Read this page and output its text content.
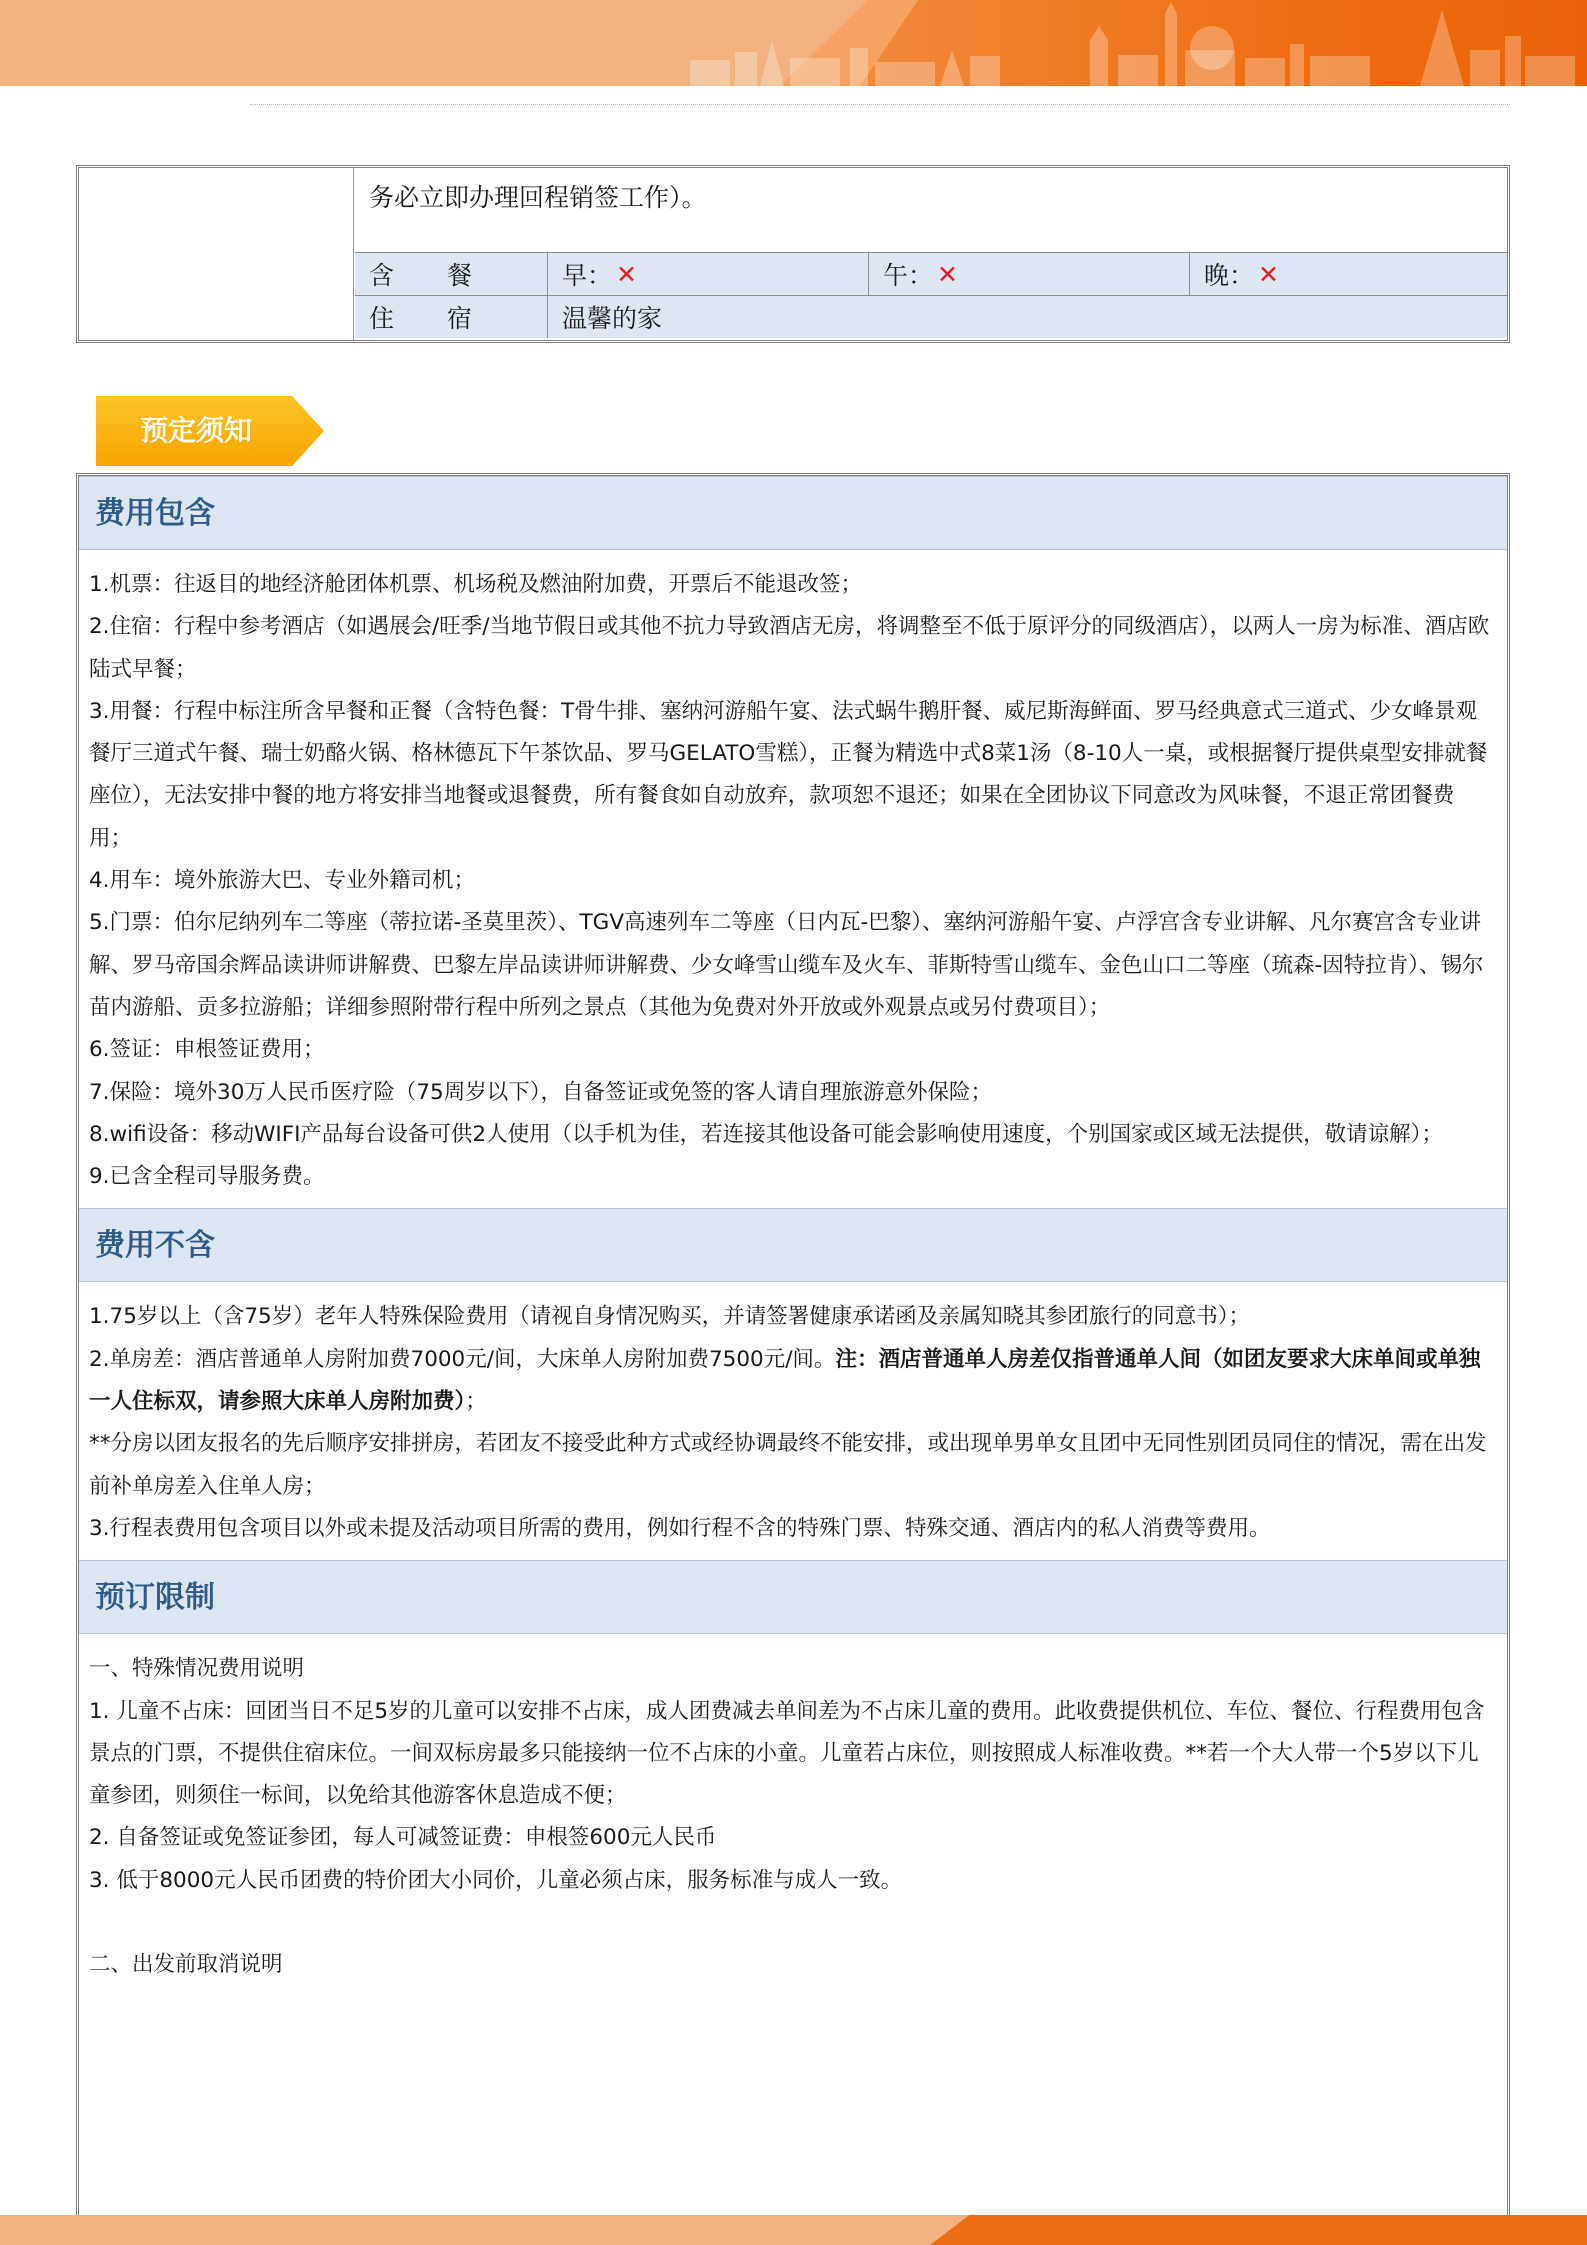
务必立即办理回程销签工作）。
含　餐	早： ✕	午： ✕	晚： ✕
住　宿	温馨的家
预定须知
费用包含

1.机票：往返目的地经济舱团体机票、机场税及燃油附加费，开票后不能退改签；

2.住宿：行程中参考酒店（如遇展会/旺季/当地节假日或其他不抗力导致酒店无房，将调整至不低于原评分的同级酒店），以两人一房为标准、酒店欧陆式早餐；

3.用餐：行程中标注所含早餐和正餐（含特色餐：T骨牛排、塞纳河游船午宴、法式蜗牛鹅肝餐、威尼斯海鲜面、罗马经典意式三道式、少女峰景观餐厅三道式午餐、瑞士奶酪火锅、格林德瓦下午茶饮品、罗马GELATO雪糕），正餐为精选中式8菜1汤（8-10人一桌，或根据餐厅提供桌型安排就餐座位），无法安排中餐的地方将安排当地餐或退餐费，所有餐食如自动放弃，款项恕不退还；如果在全团协议下同意改为风味餐，不退正常团餐费用；

4.用车：境外旅游大巴、专业外籍司机；

5.门票：伯尔尼纳列车二等座（蒂拉诺-圣莫里茨）、TGV高速列车二等座（日内瓦-巴黎）、塞纳河游船午宴、卢浮宫含专业讲解、凡尔赛宫含专业讲解、罗马帝国余辉品读讲师讲解费、巴黎左岸品读讲师讲解费、少女峰雪山缆车及火车、菲斯特雪山缆车、金色山口二等座（琉森-因特拉肯）、锡尔苗内游船、贡多拉游船；详细参照附带行程中所列之景点（其他为免费对外开放或外观景点或另付费项目）；

6.签证：申根签证费用；

7.保险：境外30万人民币医疗险（75周岁以下），自备签证或免签的客人请自理旅游意外保险；

8.wifi设备：移动WIFI产品每台设备可供2人使用（以手机为佳，若连接其他设备可能会影响使用速度，个别国家或区域无法提供，敬请谅解）；

9.已含全程司导服务费。

费用不含

1.75岁以上（含75岁）老年人特殊保险费用（请视自身情况购买，并请签署健康承诺函及亲属知晓其参团旅行的同意书）；

2.单房差：酒店普通单人房附加费7000元/间，大床单人房附加费7500元/间。注：酒店普通单人房差仅指普通单人间（如团友要求大床单间或单独一人住标双，请参照大床单人房附加费）；

**分房以团友报名的先后顺序安排拼房，若团友不接受此种方式或经协调最终不能安排，或出现单男单女且团中无同性别团员同住的情况，需在出发前补单房差入住单人房；

3.行程表费用包含项目以外或未提及活动项目所需的费用，例如行程不含的特殊门票、特殊交通、酒店内的私人消费等费用。

预订限制

一、特殊情况费用说明

1. 儿童不占床：回团当日不足5岁的儿童可以安排不占床，成人团费减去单间差为不占床儿童的费用。此收费提供机位、车位、餐位、行程费用包含景点的门票，不提供住宿床位。一间双标房最多只能接纳一位不占床的小童。儿童若占床位，则按照成人标准收费。**若一个大人带一个5岁以下儿童参团，则须住一标间，以免给其他游客休息造成不便；

2. 自备签证或免签证参团，每人可减签证费：申根签600元人民币

3. 低于8000元人民币团费的特价团大小同价，儿童必须占床，服务标准与成人一致。

二、出发前取消说明
